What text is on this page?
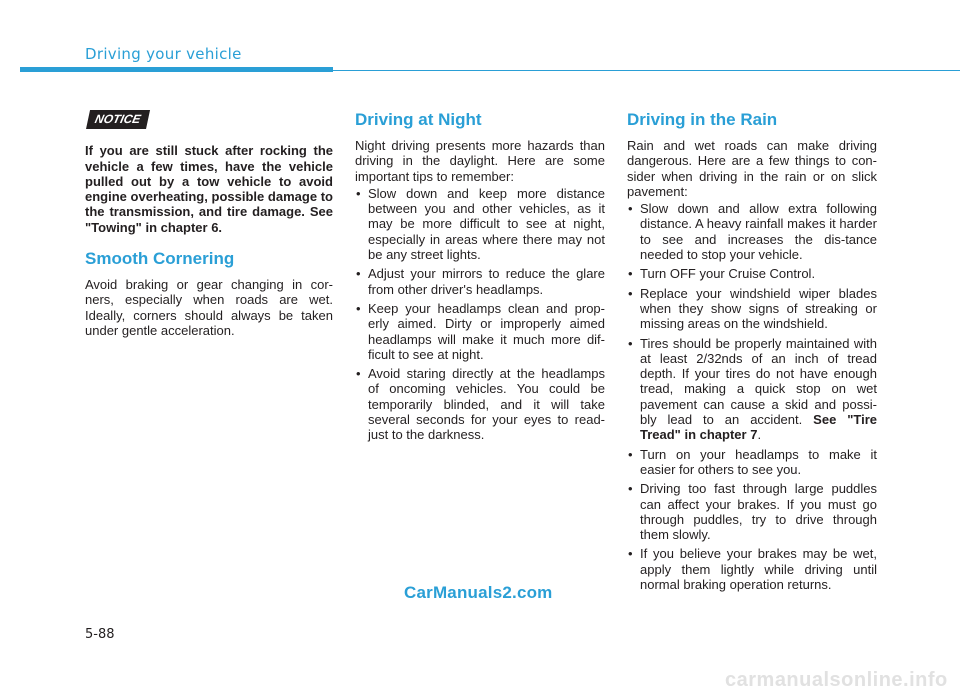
Driving your vehicle
NOTICE

If you are still stuck after rocking the vehicle a few times, have the vehicle pulled out by a tow vehicle to avoid engine overheating, possible damage to the transmission, and tire damage. See "Towing" in chapter 6.

Smooth Cornering

Avoid braking or gear changing in cor-ners, especially when roads are wet. Ideally, corners should always be taken under gentle acceleration.

Driving at Night

Night driving presents more hazards than driving in the daylight. Here are some important tips to remember:

• Slow down and keep more distance between you and other vehicles, as it may be more difficult to see at night, especially in areas where there may not be any street lights.
• Adjust your mirrors to reduce the glare from other driver's headlamps.
• Keep your headlamps clean and prop-erly aimed. Dirty or improperly aimed headlamps will make it much more dif-ficult to see at night.
• Avoid staring directly at the headlamps of oncoming vehicles. You could be temporarily blinded, and it will take several seconds for your eyes to read-just to the darkness.
Driving in the Rain

Rain and wet roads can make driving dangerous. Here are a few things to con-sider when driving in the rain or on slick pavement:

• Slow down and allow extra following distance. A heavy rainfall makes it harder to see and increases the dis-tance needed to stop your vehicle.
• Turn OFF your Cruise Control.
• Replace your windshield wiper blades when they show signs of streaking or missing areas on the windshield.
• Tires should be properly maintained with at least 2/32nds of an inch of tread depth. If your tires do not have enough tread, making a quick stop on wet pavement can cause a skid and possi-bly lead to an accident. See "Tire Tread" in chapter 7.
• Turn on your headlamps to make it easier for others to see you.
• Driving too fast through large puddles can affect your brakes. If you must go through puddles, try to drive through them slowly.
• If you believe your brakes may be wet, apply them lightly while driving until normal braking operation returns.
CarManuals2.com
5-88
carmanualsonline.info
